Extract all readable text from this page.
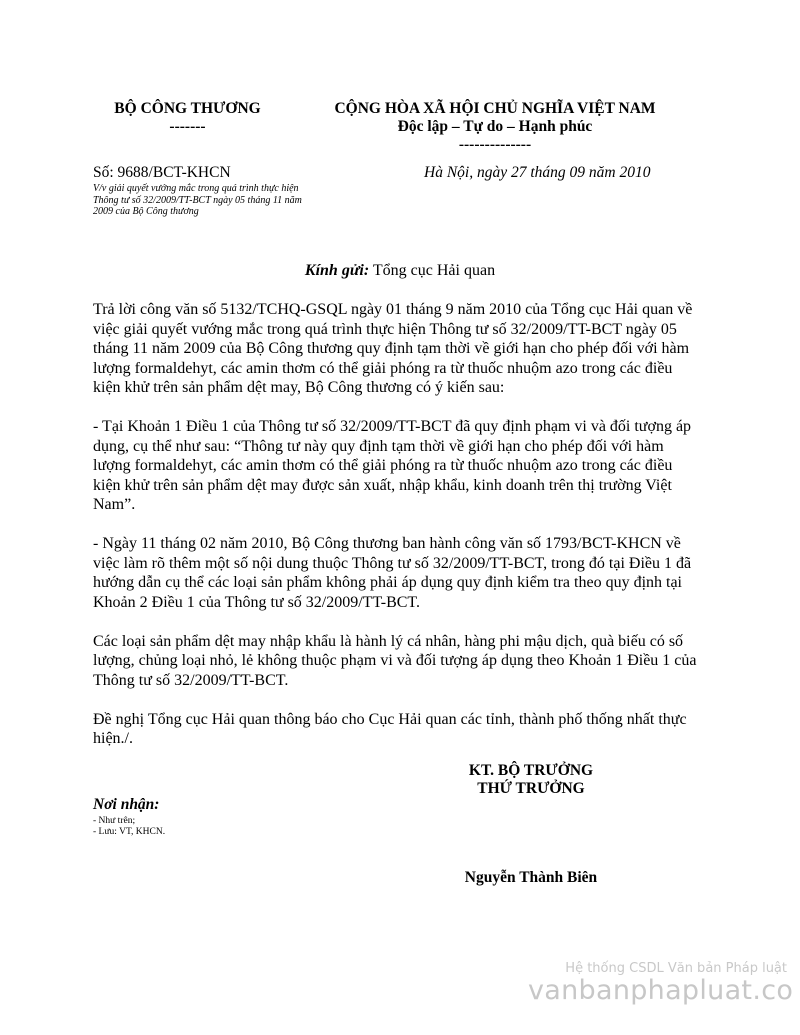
BỘ CÔNG THƯƠNG
-------
CỘNG HÒA XÃ HỘI CHỦ NGHĨA VIỆT NAM
Độc lập – Tự do – Hạnh phúc
--------------
Số: 9688/BCT-KHCN
V/v giải quyết vướng mắc trong quá trình thực hiện Thông tư số 32/2009/TT-BCT ngày 05 tháng 11 năm 2009 của Bộ Công thương
Hà Nội, ngày 27 tháng 09 năm 2010
Kính gửi: Tổng cục Hải quan

Trả lời công văn số 5132/TCHQ-GSQL ngày 01 tháng 9 năm 2010 của Tổng cục Hải quan về việc giải quyết vướng mắc trong quá trình thực hiện Thông tư số 32/2009/TT-BCT ngày 05 tháng 11 năm 2009 của Bộ Công thương quy định tạm thời về giới hạn cho phép đối với hàm lượng formaldehyt, các amin thơm có thể giải phóng ra từ thuốc nhuộm azo trong các điều kiện khử trên sản phẩm dệt may, Bộ Công thương có ý kiến sau:

- Tại Khoản 1 Điều 1 của Thông tư số 32/2009/TT-BCT đã quy định phạm vi và đối tượng áp dụng, cụ thể như sau: “Thông tư này quy định tạm thời về giới hạn cho phép đối với hàm lượng formaldehyt, các amin thơm có thể giải phóng ra từ thuốc nhuộm azo trong các điều kiện khử trên sản phẩm dệt may được sản xuất, nhập khẩu, kinh doanh trên thị trường Việt Nam”.

- Ngày 11 tháng 02 năm 2010, Bộ Công thương ban hành công văn số 1793/BCT-KHCN về việc làm rõ thêm một số nội dung thuộc Thông tư số 32/2009/TT-BCT, trong đó tại Điều 1 đã hướng dẫn cụ thể các loại sản phẩm không phải áp dụng quy định kiểm tra theo quy định tại Khoản 2 Điều 1 của Thông tư số 32/2009/TT-BCT.

Các loại sản phẩm dệt may nhập khẩu là hành lý cá nhân, hàng phi mậu dịch, quà biếu có số lượng, chủng loại nhỏ, lẻ không thuộc phạm vi và đối tượng áp dụng theo Khoản 1 Điều 1 của Thông tư số 32/2009/TT-BCT.

Đề nghị Tổng cục Hải quan thông báo cho Cục Hải quan các tỉnh, thành phố thống nhất thực hiện./.

KT. BỘ TRƯỞNG
THỨ TRƯỞNG
Nguyễn Thành Biên
Nơi nhận:
- Như trên;
- Lưu: VT, KHCN.
Hệ thống CSDL Văn bản Pháp luật
vanbanphapluat.co
